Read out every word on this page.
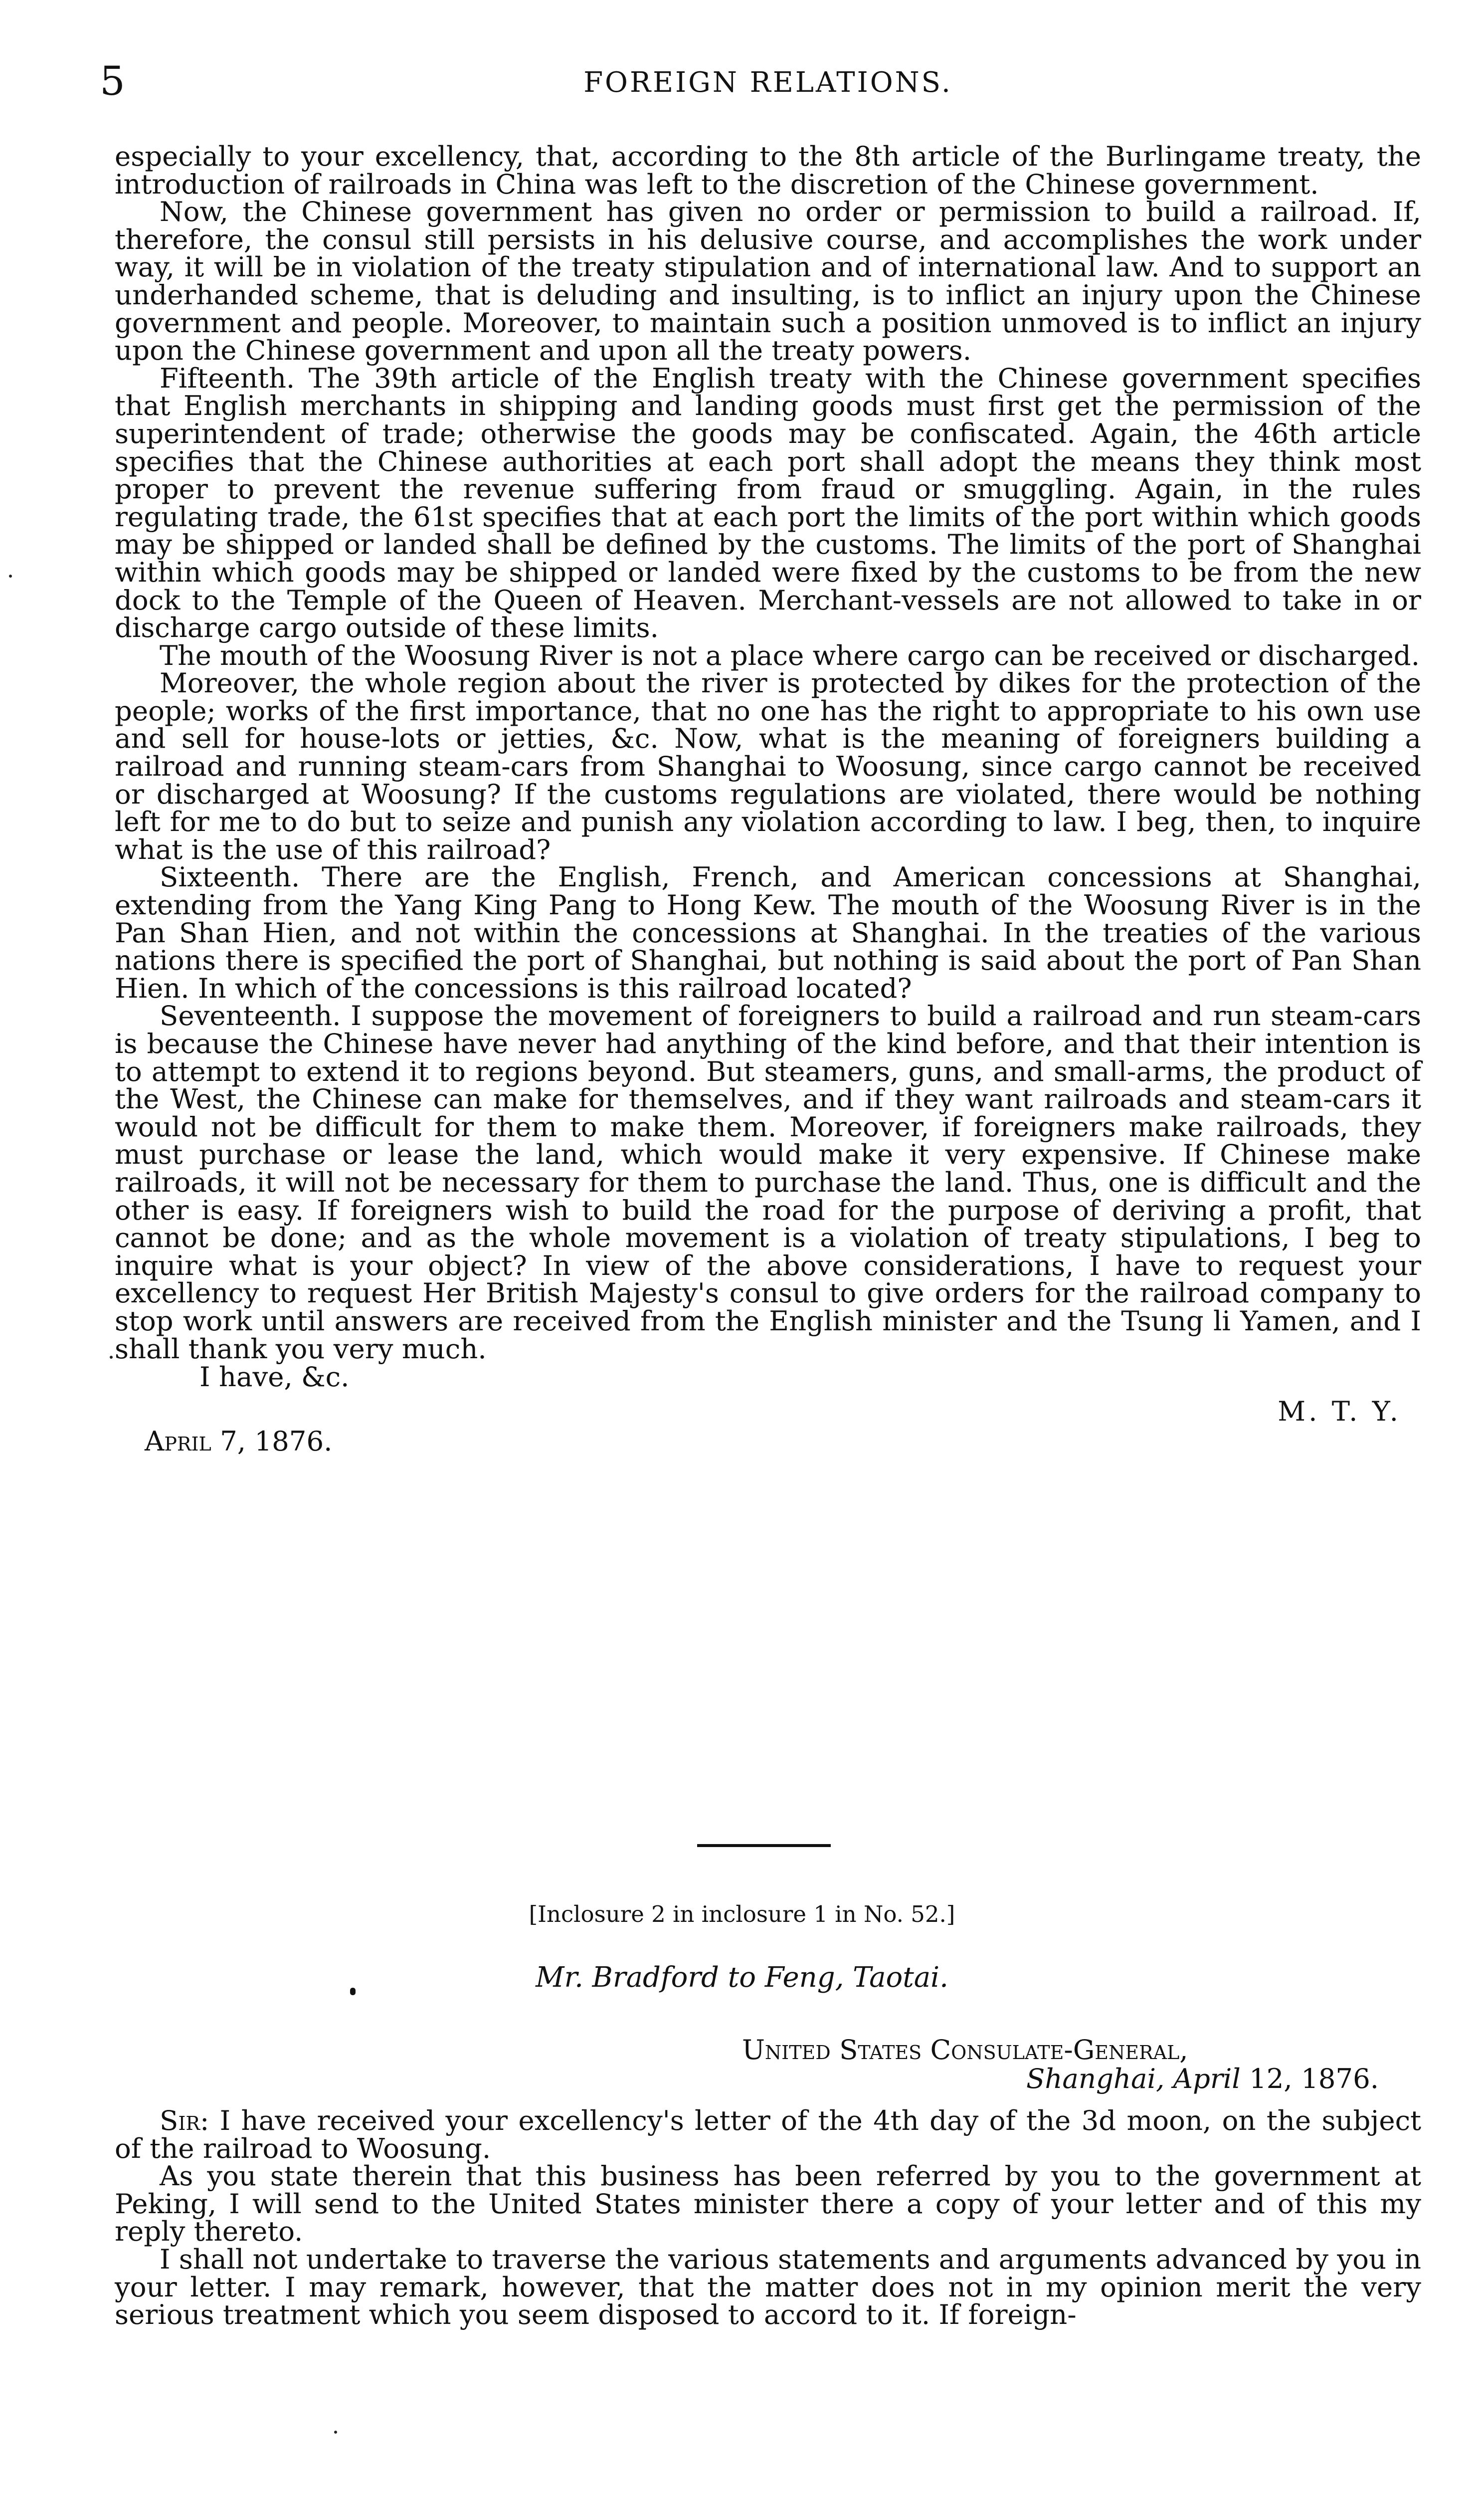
5	FOREIGN RELATIONS.

especially to your excellency, that, according to the 8th article of the Burlingame treaty, the introduction of railroads in China was left to the discretion of the Chinese government.

Now, the Chinese government has given no order or permission to build a railroad. If, therefore, the consul still persists in his delusive course, and accomplishes the work under way, it will be in violation of the treaty stipulation and of international law. And to support an underhanded scheme, that is deluding and insulting, is to inflict an injury upon the Chinese government and people. Moreover, to maintain such a position unmoved is to inflict an injury upon the Chinese government and upon all the treaty powers.

Fifteenth. The 39th article of the English treaty with the Chinese government specifies that English merchants in shipping and landing goods must first get the permission of the superintendent of trade; otherwise the goods may be confiscated. Again, the 46th article specifies that the Chinese authorities at each port shall adopt the means they think most proper to prevent the revenue suffering from fraud or smuggling. Again, in the rules regulating trade, the 61st specifies that at each port the limits of the port within which goods may be shipped or landed shall be defined by the customs. The limits of the port of Shanghai within which goods may be shipped or landed were fixed by the customs to be from the new dock to the Temple of the Queen of Heaven. Merchant-vessels are not allowed to take in or discharge cargo outside of these limits.

The mouth of the Woosung River is not a place where cargo can be received or discharged.

Moreover, the whole region about the river is protected by dikes for the protection of the people; works of the first importance, that no one has the right to appropriate to his own use and sell for house-lots or jetties, &c. Now, what is the meaning of foreigners building a railroad and running steam-cars from Shanghai to Woosung, since cargo cannot be received or discharged at Woosung? If the customs regulations are violated, there would be nothing left for me to do but to seize and punish any violation according to law. I beg, then, to inquire what is the use of this railroad?

Sixteenth. There are the English, French, and American concessions at Shanghai, extending from the Yang King Pang to Hong Kew. The mouth of the Woosung River is in the Pan Shan Hien, and not within the concessions at Shanghai. In the treaties of the various nations there is specified the port of Shanghai, but nothing is said about the port of Pan Shan Hien. In which of the concessions is this railroad located?

Seventeenth. I suppose the movement of foreigners to build a railroad and run steam-cars is because the Chinese have never had anything of the kind before, and that their intention is to attempt to extend it to regions beyond. But steamers, guns, and small-arms, the product of the West, the Chinese can make for themselves, and if they want railroads and steam-cars it would not be difficult for them to make them. Moreover, if foreigners make railroads, they must purchase or lease the land, which would make it very expensive. If Chinese make railroads, it will not be necessary for them to purchase the land. Thus, one is difficult and the other is easy. If foreigners wish to build the road for the purpose of deriving a profit, that cannot be done; and as the whole movement is a violation of treaty stipulations, I beg to inquire what is your object? In view of the above considerations, I have to request your excellency to request Her British Majesty's consul to give orders for the railroad company to stop work until answers are received from the English minister and the Tsung li Yamen, and I shall thank you very much.

I have, &c.
M. T. Y.
April 7, 1876.
[Inclosure 2 in inclosure 1 in No. 52.]
Mr. Bradford to Feng, Taotai.
United States Consulate-General,
Shanghai, April 12, 1876.

Sir: I have received your excellency's letter of the 4th day of the 3d moon, on the subject of the railroad to Woosung.

As you state therein that this business has been referred by you to the government at Peking, I will send to the United States minister there a copy of your letter and of this my reply thereto.

I shall not undertake to traverse the various statements and arguments advanced by you in your letter. I may remark, however, that the matter does not in my opinion merit the very serious treatment which you seem disposed to accord to it. If foreign-
